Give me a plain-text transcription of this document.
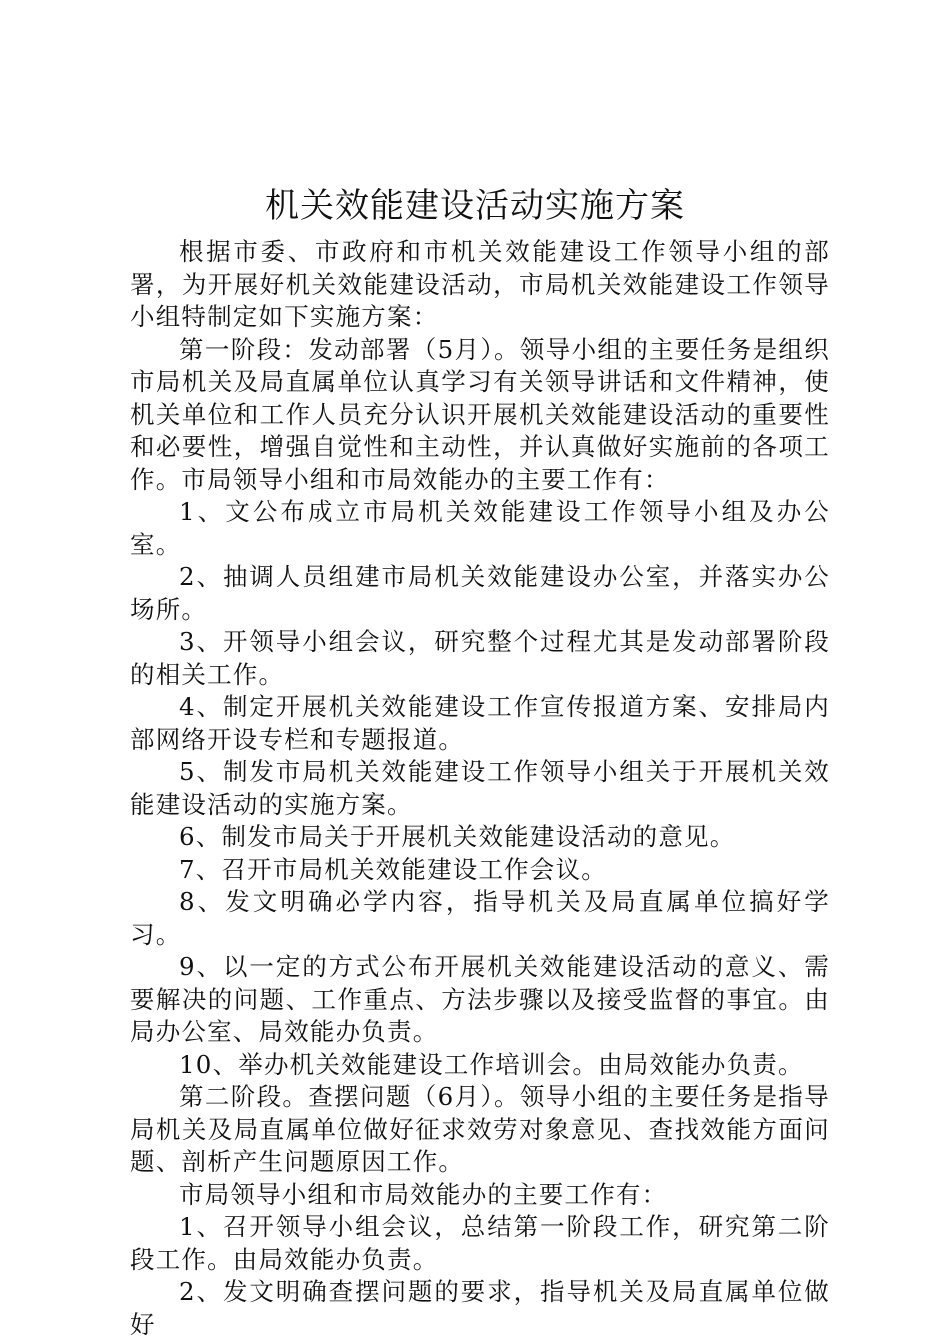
机关效能建设活动实施方案

根据市委、市政府和市机关效能建设工作领导小组的部署，为开展好机关效能建设活动，市局机关效能建设工作领导小组特制定如下实施方案：

第一阶段：发动部署（5月）。领导小组的主要任务是组织市局机关及局直属单位认真学习有关领导讲话和文件精神，使机关单位和工作人员充分认识开展机关效能建设活动的重要性和必要性，增强自觉性和主动性，并认真做好实施前的各项工作。市局领导小组和市局效能办的主要工作有：

1、文公布成立市局机关效能建设工作领导小组及办公室。

2、抽调人员组建市局机关效能建设办公室，并落实办公场所。

3、开领导小组会议，研究整个过程尤其是发动部署阶段的相关工作。

4、制定开展机关效能建设工作宣传报道方案、安排局内部网络开设专栏和专题报道。

5、制发市局机关效能建设工作领导小组关于开展机关效能建设活动的实施方案。

6、制发市局关于开展机关效能建设活动的意见。

7、召开市局机关效能建设工作会议。

8、发文明确必学内容，指导机关及局直属单位搞好学习。

9、以一定的方式公布开展机关效能建设活动的意义、需要解决的问题、工作重点、方法步骤以及接受监督的事宜。由局办公室、局效能办负责。

10、举办机关效能建设工作培训会。由局效能办负责。

第二阶段。查摆问题（6月）。领导小组的主要任务是指导局机关及局直属单位做好征求效劳对象意见、查找效能方面问题、剖析产生问题原因工作。

市局领导小组和市局效能办的主要工作有：

1、召开领导小组会议，总结第一阶段工作，研究第二阶段工作。由局效能办负责。

2、发文明确查摆问题的要求，指导机关及局直属单位做好
